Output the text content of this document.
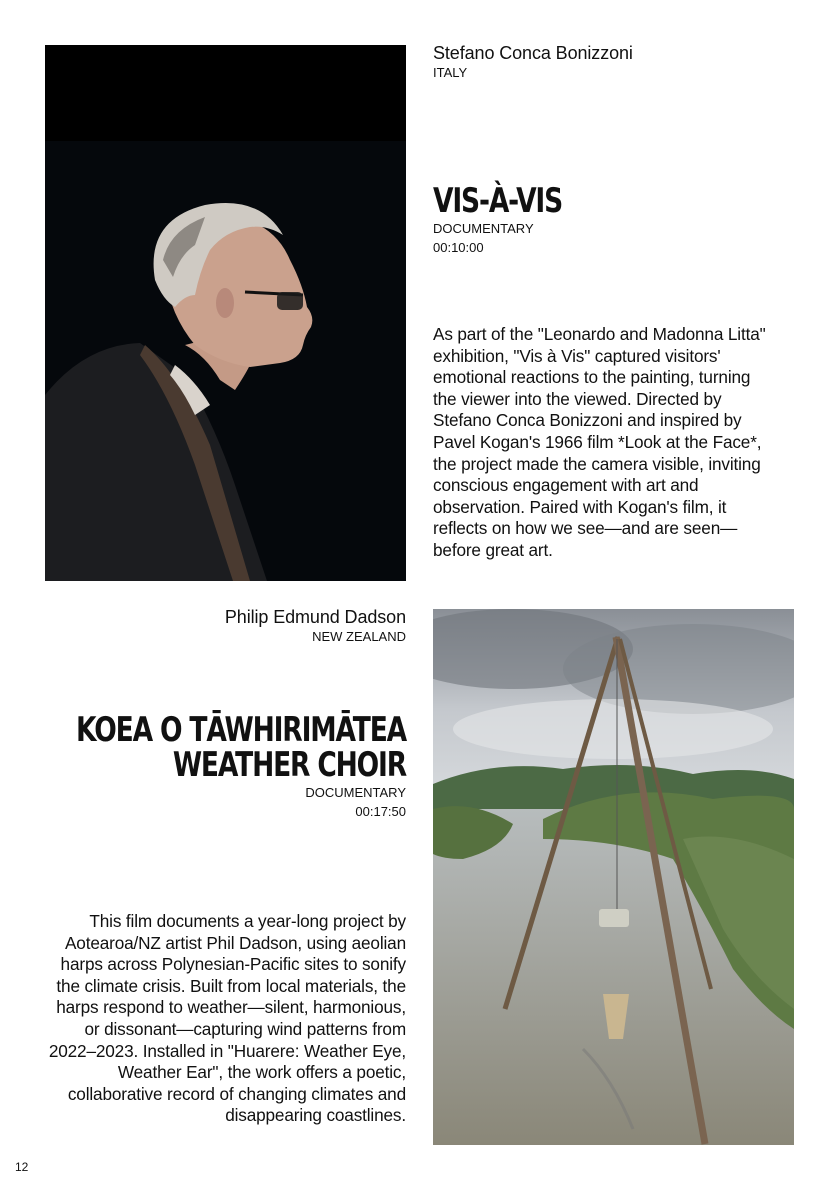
Stefano Conca Bonizzoni
ITALY
VIS-À-VIS
DOCUMENTARY
00:10:00
As part of the "Leonardo and Madonna Litta" exhibition, "Vis à Vis" captured visitors' emotional reactions to the painting, turning the viewer into the viewed. Directed by Stefano Conca Bonizzoni and inspired by Pavel Kogan's 1966 film *Look at the Face*, the project made the camera visible, inviting conscious engagement with art and observation. Paired with Kogan's film, it reflects on how we see—and are seen—before great art.
Philip Edmund Dadson
NEW ZEALAND
KOEA O TĀWHIRIMĀTEA
WEATHER CHOIR
DOCUMENTARY
00:17:50
This film documents a year-long project by Aotearoa/NZ artist Phil Dadson, using aeolian harps across Polynesian-Pacific sites to sonify the climate crisis. Built from local materials, the harps respond to weather—silent, harmonious, or dissonant—capturing wind patterns from 2022–2023. Installed in "Huarere: Weather Eye, Weather Ear", the work offers a poetic, collaborative record of changing climates and disappearing coastlines.
12
